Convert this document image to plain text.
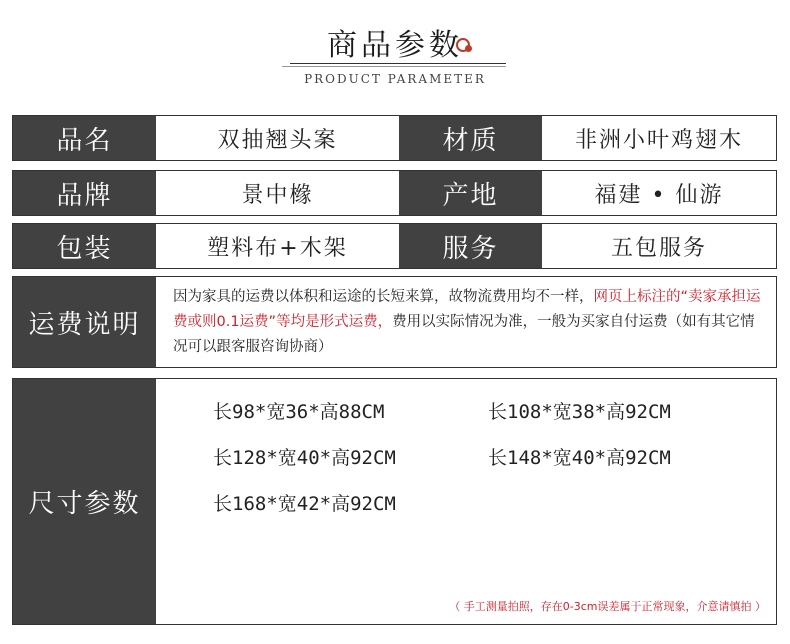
商品参数
PRODUCT PARAMETER
品名	双抽翘头案	材质	非洲小叶鸡翅木
品牌	景中橼	产地	福建 • 仙游
包装	塑料布+木架	服务	五包服务
运费说明
因为家具的运费以体积和运途的长短来算，故物流费用均不一样，网页上标注的“卖家承担运费或则0.1运费”等均是形式运费，费用以实际情况为准，一般为买家自付运费（如有其它情况可以跟客服咨询协商）
尺寸参数
长98*宽36*高88CM	长108*宽38*高92CM
长128*宽40*高92CM	长148*宽40*高92CM
长168*宽42*高92CM
（ 手工测量拍照，存在0-3cm误差属于正常现象，介意请慎拍 ）
